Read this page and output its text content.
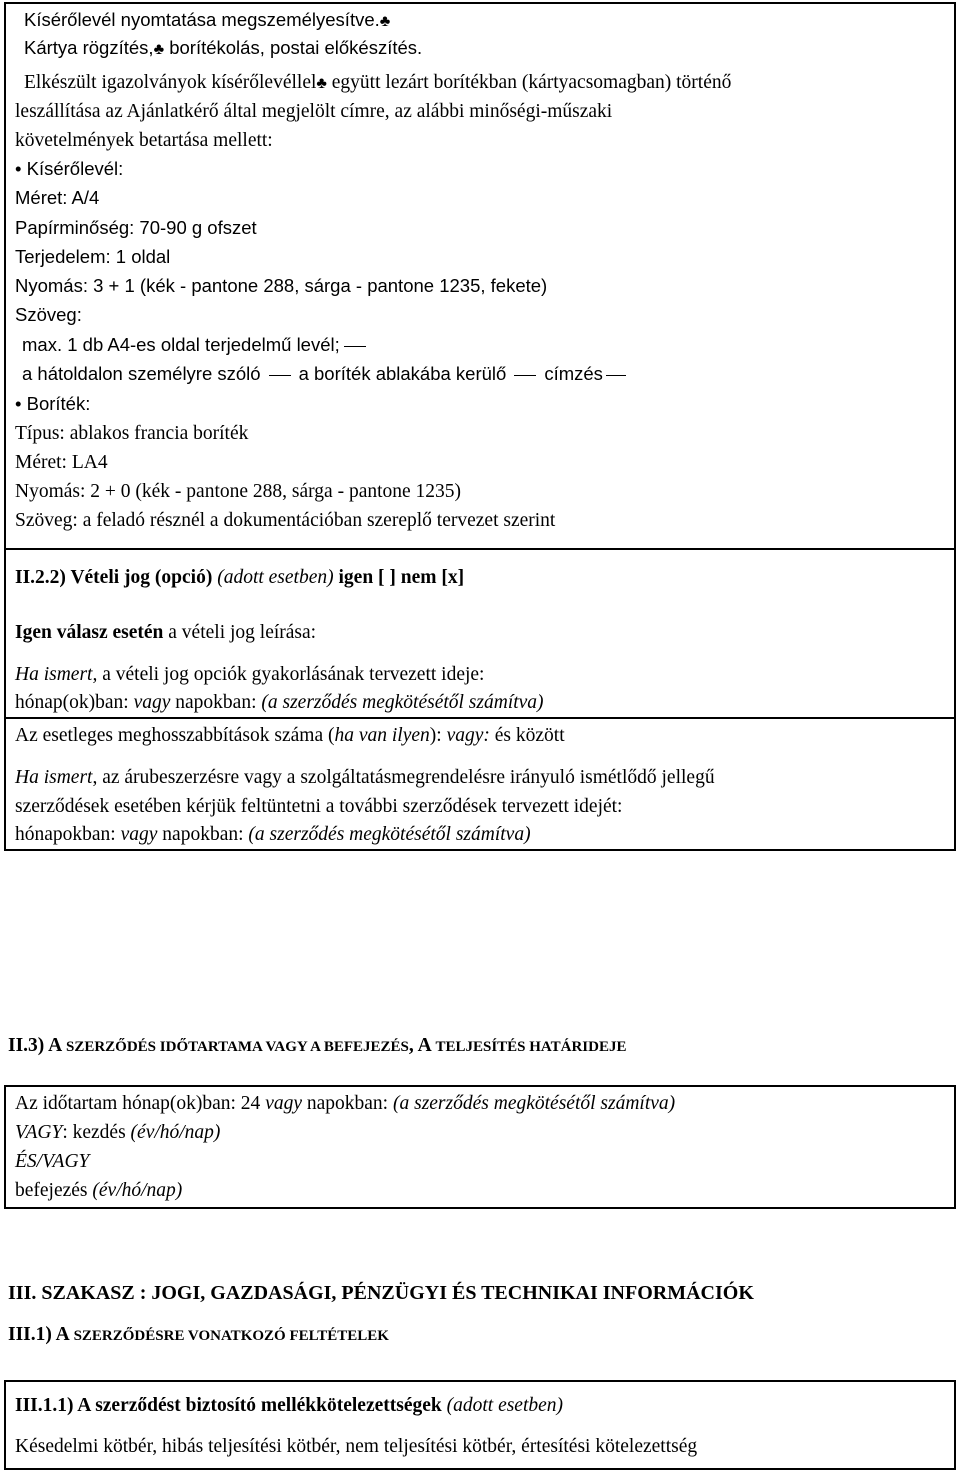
Kísérőlevél nyomtatása megszemélyesítve.♣
Kártya rögzítés,♣ borítékolás, postai előkészítés.
Elkészült igazolványok kísérőlevéllel♣ együtt lezárt borítékban (kártyacsomagban) történő
leszállítása az Ajánlatkérő által megjelölt címre, az alábbi minőségi-műszaki
követelmények betartása mellett:
• Kísérőlevél:
Méret: A/4
Papírminőség: 70-90 g ofszet
Terjedelem: 1 oldal
Nyomás: 3 + 1 (kék - pantone 288, sárga - pantone 1235, fekete)
Szöveg:
max. 1 db A4-es oldal terjedelmű levél;
a hátoldalon személyre szóló a boríték ablakába kerülő címzés
• Boríték:
Típus: ablakos francia boríték
Méret: LA4
Nyomás: 2 + 0 (kék - pantone 288, sárga - pantone 1235)
Szöveg: a feladó résznél a dokumentációban szereplő tervezet szerint
II.2.2) Vételi jog (opció) (adott esetben) igen [ ] nem [x]
Igen válasz esetén a vételi jog leírása:
Ha ismert, a vételi jog opciók gyakorlásának tervezett ideje:
hónap(ok)ban: vagy napokban: (a szerződés megkötésétől számítva)
Az esetleges meghosszabbítások száma (ha van ilyen): vagy: és között
Ha ismert, az árubeszerzésre vagy a szolgáltatásmegrendelésre irányuló ismétlődő jellegű
szerződések esetében kérjük feltüntetni a további szerződések tervezett idejét:
hónapokban: vagy napokban: (a szerződés megkötésétől számítva)
II.3) A SZERZŐDÉS IDŐTARTAMA VAGY A BEFEJEZÉS, A TELJESÍTÉS HATÁRIDEJE
Az időtartam hónap(ok)ban: 24 vagy napokban: (a szerződés megkötésétől számítva)
VAGY: kezdés (év/hó/nap)
ÉS/VAGY
befejezés (év/hó/nap)
III. SZAKASZ : JOGI, GAZDASÁGI, PÉNZÜGYI ÉS TECHNIKAI INFORMÁCIÓK
III.1) A SZERZŐDÉSRE VONATKOZÓ FELTÉTELEK
III.1.1) A szerződést biztosító mellékkötelezettségek (adott esetben)
Késedelmi kötbér, hibás teljesítési kötbér, nem teljesítési kötbér, értesítési kötelezettség
